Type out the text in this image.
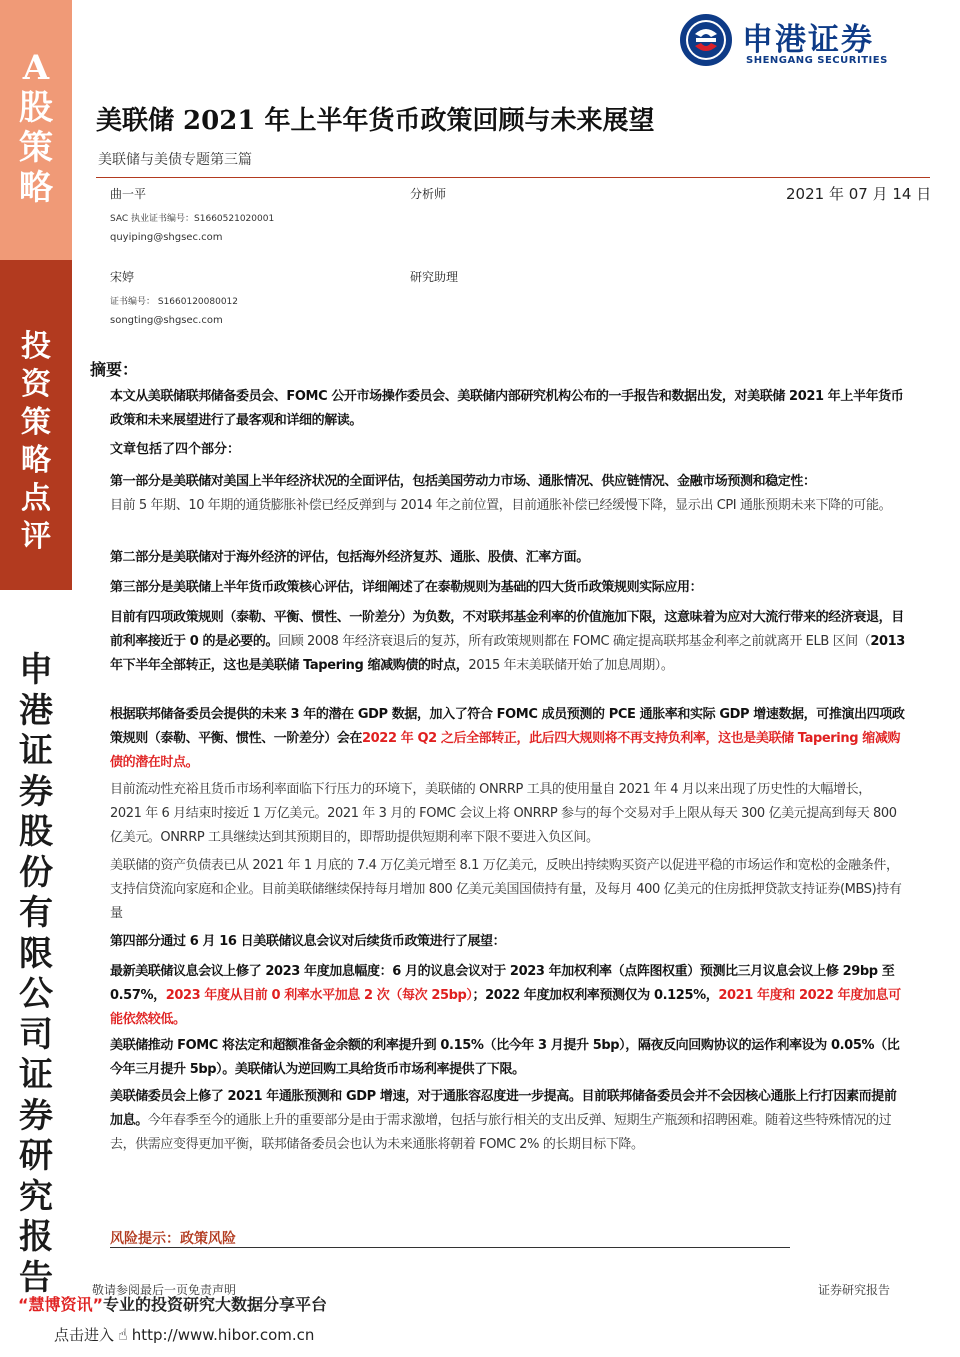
A
股
策
略
投
资
策
略
点
评
申
港
证
券
股
份
有
限
公
司
证
券
研
究
报
告
申港证券
SHENGANG SECURITIES
美联储 2021 年上半年货币政策回顾与未来展望
美联储与美债专题第三篇
曲一平	分析师
SAC 执业证书编号：S1660521020001
quyiping@shgsec.com
2021 年 07 月 14 日
宋婷	研究助理
证书编号： S1660120080012
songting@shgsec.com
摘要：
本文从美联储联邦储备委员会、FOMC 公开市场操作委员会、美联储内部研究机构公布的一手报告和数据出发，对美联储 2021 年上半年货币政策和未来展望进行了最客观和详细的解读。
文章包括了四个部分：
第一部分是美联储对美国上半年经济状况的全面评估，包括美国劳动力市场、通胀情况、供应链情况、金融市场预测和稳定性：
目前 5 年期、10 年期的通货膨胀补偿已经反弹到与 2014 年之前位置，目前通胀补偿已经缓慢下降，显示出 CPI 通胀预期未来下降的可能。
第二部分是美联储对于海外经济的评估，包括海外经济复苏、通胀、股债、汇率方面。
第三部分是美联储上半年货币政策核心评估，详细阐述了在泰勒规则为基础的四大货币政策规则实际应用：
目前有四项政策规则（泰勒、平衡、惯性、一阶差分）为负数，不对联邦基金利率的价值施加下限，这意味着为应对大流行带来的经济衰退，目前利率接近于 0 的是必要的。回顾 2008 年经济衰退后的复苏，所有政策规则都在 FOMC 确定提高联邦基金利率之前就离开 ELB 区间（2013 年下半年全部转正，这也是美联储 Tapering 缩减购债的时点，2015 年末美联储开始了加息周期）。
根据联邦储备委员会提供的未来 3 年的潜在 GDP 数据，加入了符合 FOMC 成员预测的 PCE 通胀率和实际 GDP 增速数据，可推演出四项政策规则（泰勒、平衡、惯性、一阶差分）会在2022 年 Q2 之后全部转正，此后四大规则将不再支持负利率，这也是美联储 Tapering 缩减购债的潜在时点。
目前流动性充裕且货币市场利率面临下行压力的环境下，美联储的 ONRRP 工具的使用量自 2021 年 4 月以来出现了历史性的大幅增长， 2021 年 6 月结束时接近 1 万亿美元。2021 年 3 月的 FOMC 会议上将 ONRRP 参与的每个交易对手上限从每天 300 亿美元提高到每天 800 亿美元。ONRRP 工具继续达到其预期目的，即帮助提供短期利率下限不要进入负区间。
美联储的资产负债表已从 2021 年 1 月底的 7.4 万亿美元增至 8.1 万亿美元，反映出持续购买资产以促进平稳的市场运作和宽松的金融条件，支持信贷流向家庭和企业。目前美联储继续保持每月增加 800 亿美元美国国债持有量，及每月 400 亿美元的住房抵押贷款支持证券(MBS)持有量
第四部分通过 6 月 16 日美联储议息会议对后续货币政策进行了展望：
最新美联储议息会议上修了 2023 年度加息幅度：6 月的议息会议对于 2023 年加权利率（点阵图权重）预测比三月议息会议上修 29bp 至 0.57%，2023 年度从目前 0 利率水平加息 2 次（每次 25bp）；2022 年度加权利率预测仅为 0.125%，2021 年度和 2022 年度加息可能依然较低。
美联储推动 FOMC 将法定和超额准备金余额的利率提升到 0.15%（比今年 3 月提升 5bp），隔夜反向回购协议的运作利率设为 0.05%（比今年三月提升 5bp）。美联储认为逆回购工具给货币市场利率提供了下限。
美联储委员会上修了 2021 年通胀预测和 GDP 增速，对于通胀容忍度进一步提高。目前联邦储备委员会并不会因核心通胀上行打因素而提前加息。今年春季至今的通胀上升的重要部分是由于需求激增，包括与旅行相关的支出反弹、短期生产瓶颈和招聘困难。随着这些特殊情况的过去，供需应变得更加平衡，联邦储备委员会也认为未来通胀将朝着 FOMC 2% 的长期目标下降。
风险提示：政策风险
敬请参阅最后一页免责声明	证券研究报告
“慧博资讯”专业的投资研究大数据分享平台
点击进入 ☝ http://www.hibor.com.cn
